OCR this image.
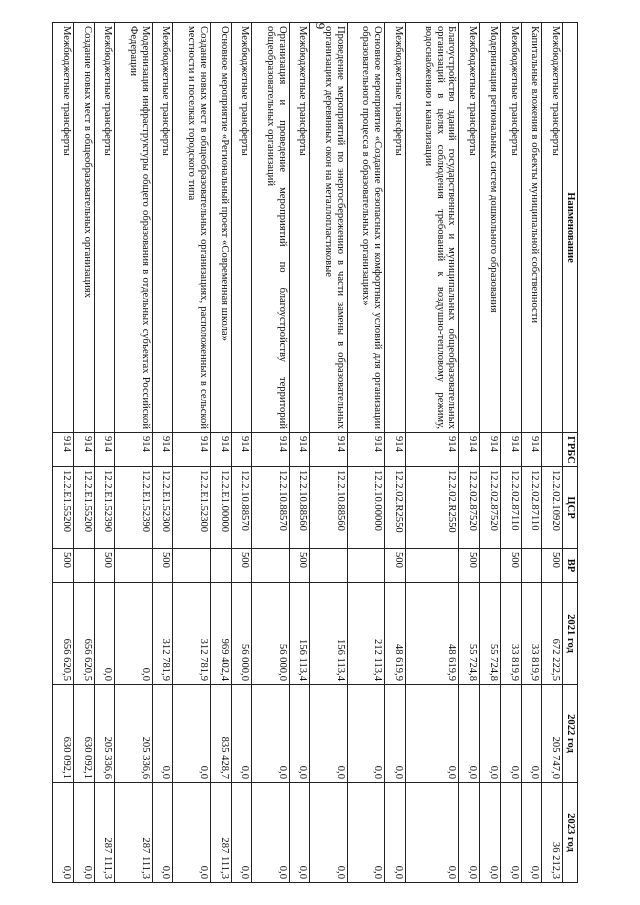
9
Наименование	ГРБС	ЦСР	ВР	2021 год	2022 год	2023 год
Межбюджетные трансферты		12.2.02.10920	500	672 222,5	205 747,0	36 212,3
Капитальные вложения в объекты муниципальной собственности	914	12.2.02.87110		33 819,9	0,0	0,0
Межбюджетные трансферты	914	12.2.02.87110	500	33 819,9	0,0	0,0
Модернизация региональных систем дошкольного образования	914	12.2.02.87520		55 724,8	0,0	0,0
Межбюджетные трансферты	914	12.2.02.87520	500	55 724,8	0,0	0,0
Благоустройство зданий государственных и муниципальных общеобразовательных организаций в целях соблюдения требований к воздушно-тепловому режиму, водоснабжению и канализации	914	12.2.02.R2550		48 619,9	0,0	0,0
Межбюджетные трансферты	914	12.2.02.R2550	500	48 619,9	0,0	0,0
Основное мероприятие «Создание безопасных и комфортных условий для организации образовательного процесса в образовательных организациях»	914	12.2.10.00000		212 113,4	0,0	0,0
Проведение мероприятий по энергосбережению в части замены в образовательных организациях деревянных окон на металлопластиковые	914	12.2.10.88560		156 113,4	0,0	0,0
Межбюджетные трансферты	914	12.2.10.88560	500	156 113,4	0,0	0,0
Организация и проведение мероприятий по благоустройству территорий общеобразовательных организаций	914	12.2.10.88570		56 000,0	0,0	0,0
Межбюджетные трансферты	914	12.2.10.88570	500	56 000,0	0,0	0,0
Основное мероприятие «Региональный проект «Современная школа»	914	12.2.E1.00000		969 402,4	835 428,7	287 111,3
Создание новых мест в общеобразовательных организациях, расположенных в сельской местности и поселках городского типа	914	12.2.E1.52300		312 781,9	0,0	0,0
Межбюджетные трансферты	914	12.2.E1.52300	500	312 781,9	0,0	0,0
Модернизация инфраструктуры общего образования в отдельных субъектах Российской Федерации	914	12.2.E1.52390		0,0	205 336,6	287 111,3
Межбюджетные трансферты	914	12.2.E1.52390	500	0,0	205 336,6	287 111,3
Создание новых мест в общеобразовательных организациях	914	12.2.E1.55200		656 620,5	630 092,1	0,0
Межбюджетные трансферты	914	12.2.E1.55200	500	656 620,5	630 092,1	0,0
